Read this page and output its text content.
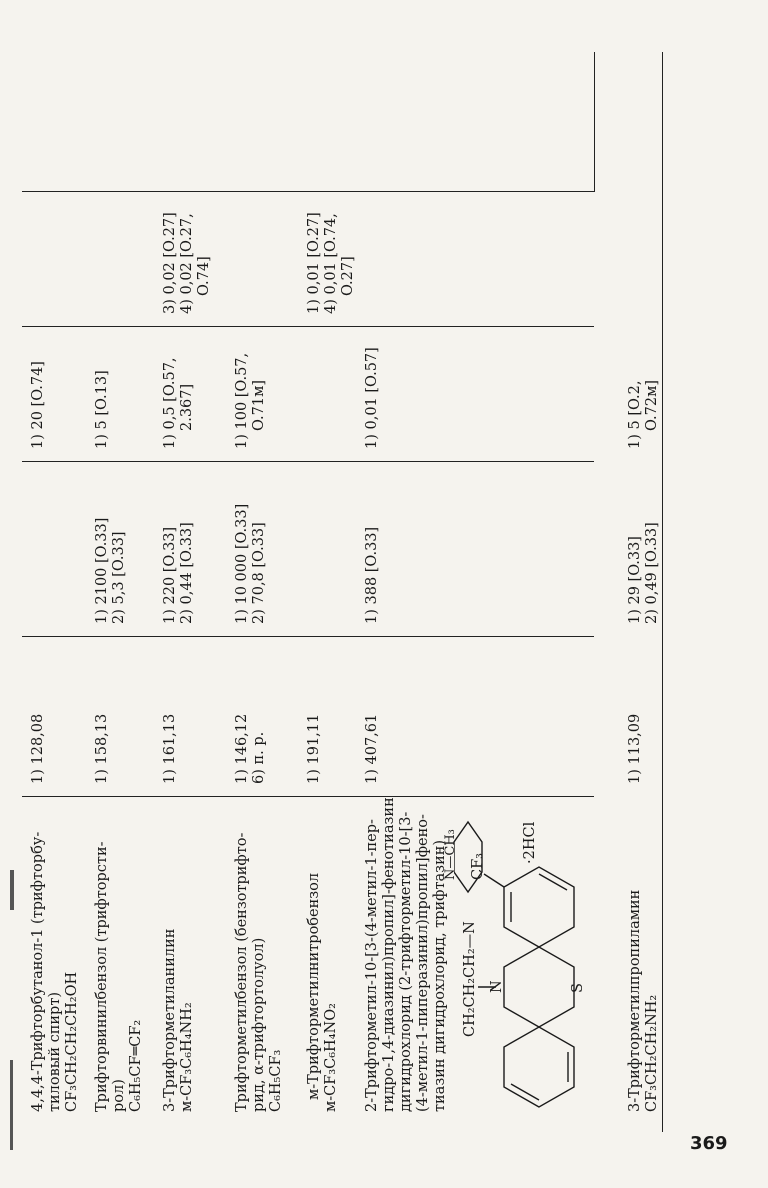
4,4,4-Трифторбутанол-1 (трифторбу- тиловый спирт) CF₃CH₂CH₂CH₂OH
1) 128,08
1) 20 [O.74]
Трифторвинилбензол (трифторсти- рол) C₆H₅CF═CF₂
1) 158,13
1) 2100 [O.33] 2) 5,3 [O.33]
1) 5 [O.13]
3-Трифторметиланилин м-CF₃C₆H₄NH₂
1) 161,13
1) 220 [O.33] 2) 0,44 [O.33]
1) 0,5 [O.57, 2.367]
3) 0,02 [O.27] 4) 0,02 [O.27, O.74]
Трифторметилбензол (бензотрифто- рид, α-трифтортолуол) C₆H₅CF₃
1) 146,12 6) п. р.
1) 10 000 [O.33] 2) 70,8 [O.33]
1) 100 [O.57, O.71м]
м-Трифторметилнитробензол м-CF₃C₆H₄NO₂
1) 191,11
1) 0,01 [O.27] 4) 0,01 [O.74, O.27]
2-Трифторметил-10-[3-(4-метил-1-пер- гидро-1,4-диазинил)пропил]-фенотиазин дигидрохлорид (2-трифторметил-10-[3- (4-метил-1-пиперазинил)пропил]фено- тиазин дигидрохлорид, трифтазин)
1) 407,61
1) 388 [O.33]
1) 0,01 [O.57]
N	S
CH₂CH₂CH₂—N
CF₃
N—CH₃	·2HCl
3-Трифторметилпропиламин CF₃CH₂CH₂NH₂
1) 113,09
1) 29 [O.33] 2) 0,49 [O.33]
1) 5 [O.2, O.72м]
369
